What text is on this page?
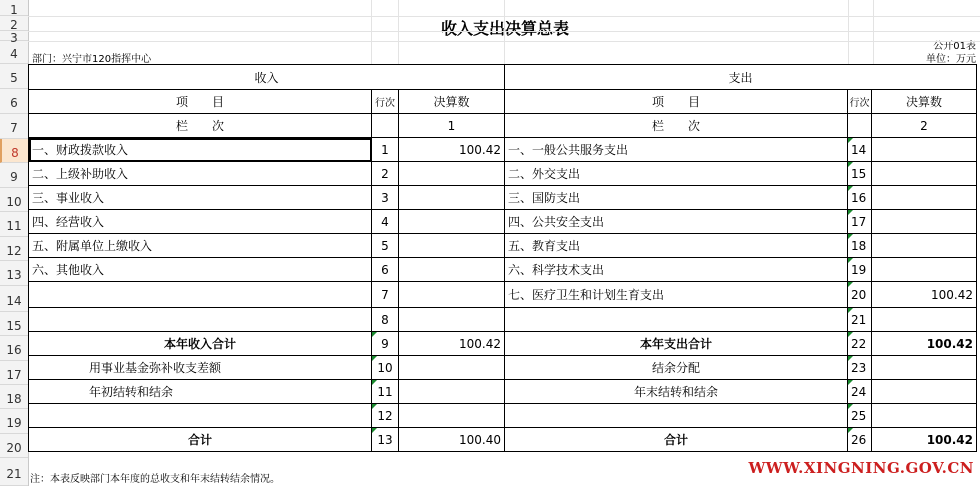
1
2
3
4
5
6
7
8
9
10
11
12
13
14
15
16
17
18
19
20
21
收入支出决算总表
部门：兴宁市120指挥中心
公开01表
单位：万元
收入			支出		
项　　目	行次	决算数	项　　目	行次	决算数
栏　　次		1	栏　　次		2
一、财政拨款收入	1	100.42	一、一般公共服务支出	14	
二、上级补助收入	2		二、外交支出	15	
三、事业收入	3		三、国防支出	16	
四、经营收入	4		四、公共安全支出	17	
五、附属单位上缴收入	5		五、教育支出	18	
六、其他收入	6		六、科学技术支出	19	
	7		七、医疗卫生和计划生育支出	20	100.42
	8			21	
本年收入合计	9	100.42	本年支出合计	22	100.42
用事业基金弥补收支差额	10		结余分配	23	
年初结转和结余	11		年末结转和结余	24	
	12			25	
合计	13	100.40	合计	26	100.42
注：本表反映部门本年度的总收支和年末结转结余情况。
WWW.XINGNING.GOV.CN
